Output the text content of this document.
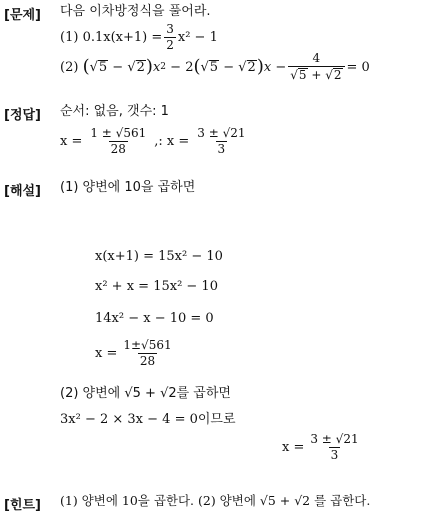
[문제] 다음 이차방정식을 풀어라.
(1)
$0.1x(x+1) = \frac{3}{2} x^2 - 1$
(2)
( √5 − √2 ) x 2 − 2 ( √5 − √2 ) $x - \frac{4}{√5 + √2} = 0$
[정답] 순서: 없음, 갯수: 1
$x = \frac{1 \pm √561}{28}$ ,: $x = \frac{3 \pm √21}{3}$
[해설] (1) 양변에 10을 곱하면
x(x+1) = 15x² − 10
x² + x = 15x² − 10
14x² − x − 10 = 0
$x = \frac{1\pm√561}{28}$
(2) 양변에 √5 + √2를 곱하면
3x² − 2 × 3x − 4 = 0이므로
$x = \frac{3 \pm √21}{3}$
[힌트] (1) 양변에 10을 곱한다. (2) 양변에 √5 + √2 를 곱한다.
